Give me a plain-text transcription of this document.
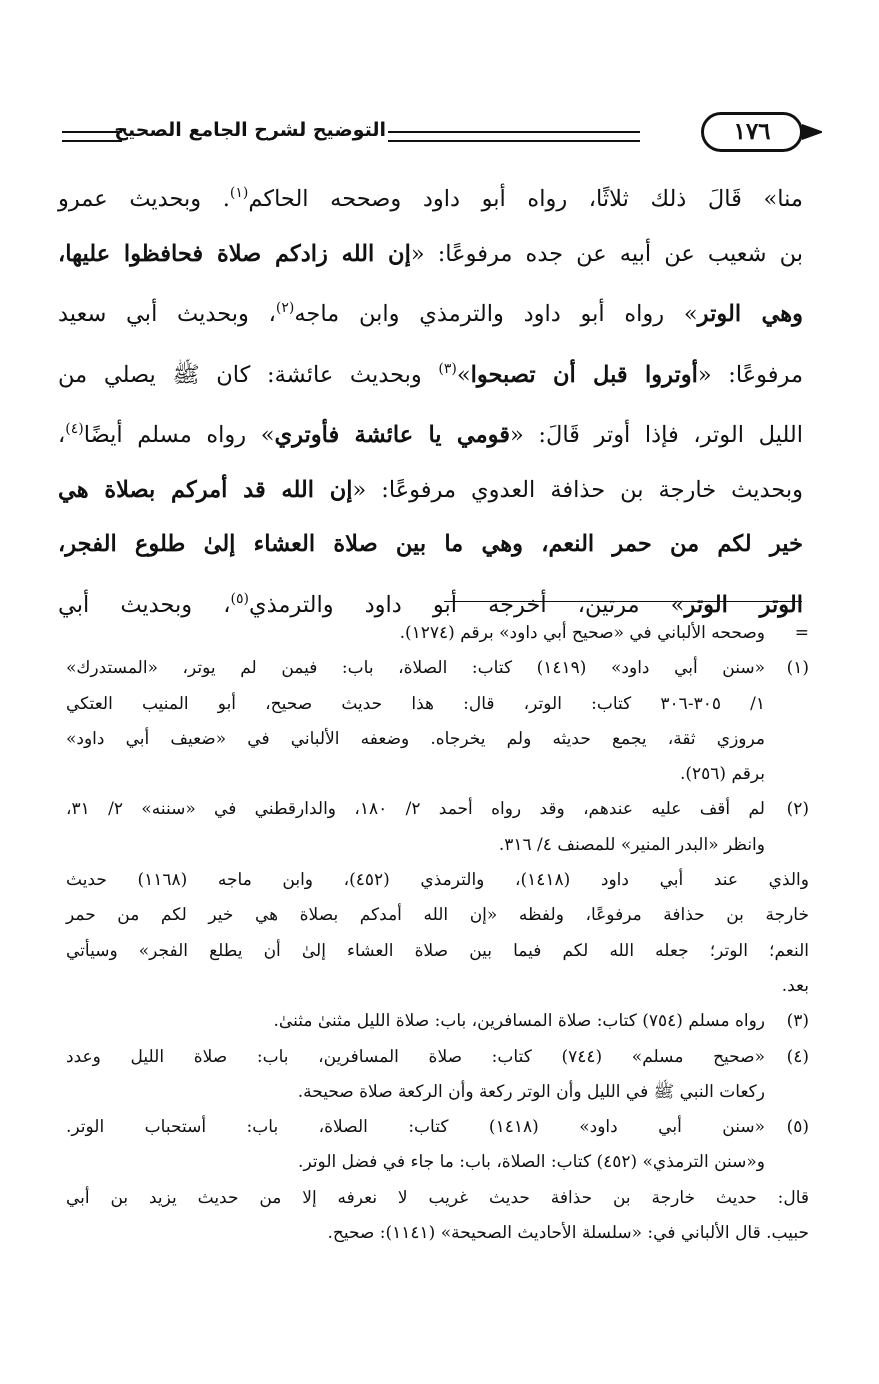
التوضيح لشرح الجامع الصحيح	١٧٦
منا» قَالَ ذلك ثلاثًا، رواه أبو داود وصححه الحاكم$^{(١)}$. وبحديث عمرو
بن شعيب عن أبيه عن جده مرفوعًا: «إن الله زادكم صلاة فحافظوا عليها،
وهي الوتر» رواه أبو داود والترمذي وابن ماجه$^{(٢)}$، وبحديث أبي سعيد
مرفوعًا: «أوتروا قبل أن تصبحوا»$^{(٣)}$ وبحديث عائشة: كان ﷺ يصلي من
الليل الوتر، فإذا أوتر قَالَ: «قومي يا عائشة فأوتري» رواه مسلم أيضًا$^{(٤)}$،
وبحديث خارجة بن حذافة العدوي مرفوعًا: «إن الله قد أمركم بصلاة هي
خير لكم من حمر النعم، وهي ما بين صلاة العشاء إلىٰ طلوع الفجر،
الوتر الوتر» مرتين، أخرجه أبو داود والترمذي$^{(٥)}$، وبحديث أبي
=
وصححه الألباني في «صحيح أبي داود» برقم (١٢٧٤).
(١)
«سنن أبي داود» (١٤١٩) كتاب: الصلاة، باب: فيمن لم يوتر، «المستدرك»
١/ ٣٠٥-٣٠٦ كتاب: الوتر، قال: هذا حديث صحيح، أبو المنيب العتكي
مروزي ثقة، يجمع حديثه ولم يخرجاه. وضعفه الألباني في «ضعيف أبي داود»
برقم (٢٥٦).
(٢)
لم أقف عليه عندهم، وقد رواه أحمد ٢/ ١٨٠، والدارقطني في «سننه» ٢/ ٣١،
وانظر «البدر المنير» للمصنف ٤/ ٣١٦.
والذي عند أبي داود (١٤١٨)، والترمذي (٤٥٢)، وابن ماجه (١١٦٨) حديث
خارجة بن حذافة مرفوعًا، ولفظه «إن الله أمدكم بصلاة هي خير لكم من حمر
النعم؛ الوتر؛ جعله الله لكم فيما بين صلاة العشاء إلىٰ أن يطلع الفجر» وسيأتي
بعد.
(٣)
رواه مسلم (٧٥٤) كتاب: صلاة المسافرين، باب: صلاة الليل مثنىٰ مثنىٰ.
(٤)
«صحيح مسلم» (٧٤٤) كتاب: صلاة المسافرين، باب: صلاة الليل وعدد
ركعات النبي ﷺ في الليل وأن الوتر ركعة وأن الركعة صلاة صحيحة.
(٥)
«سنن أبي داود» (١٤١٨) كتاب: الصلاة، باب: أستحباب الوتر.
و«سنن الترمذي» (٤٥٢) كتاب: الصلاة، باب: ما جاء في فضل الوتر.
قال: حديث خارجة بن حذافة حديث غريب لا نعرفه إلا من حديث يزيد بن أبي
حبيب. قال الألباني في: «سلسلة الأحاديث الصحيحة» (١١٤١): صحيح.
